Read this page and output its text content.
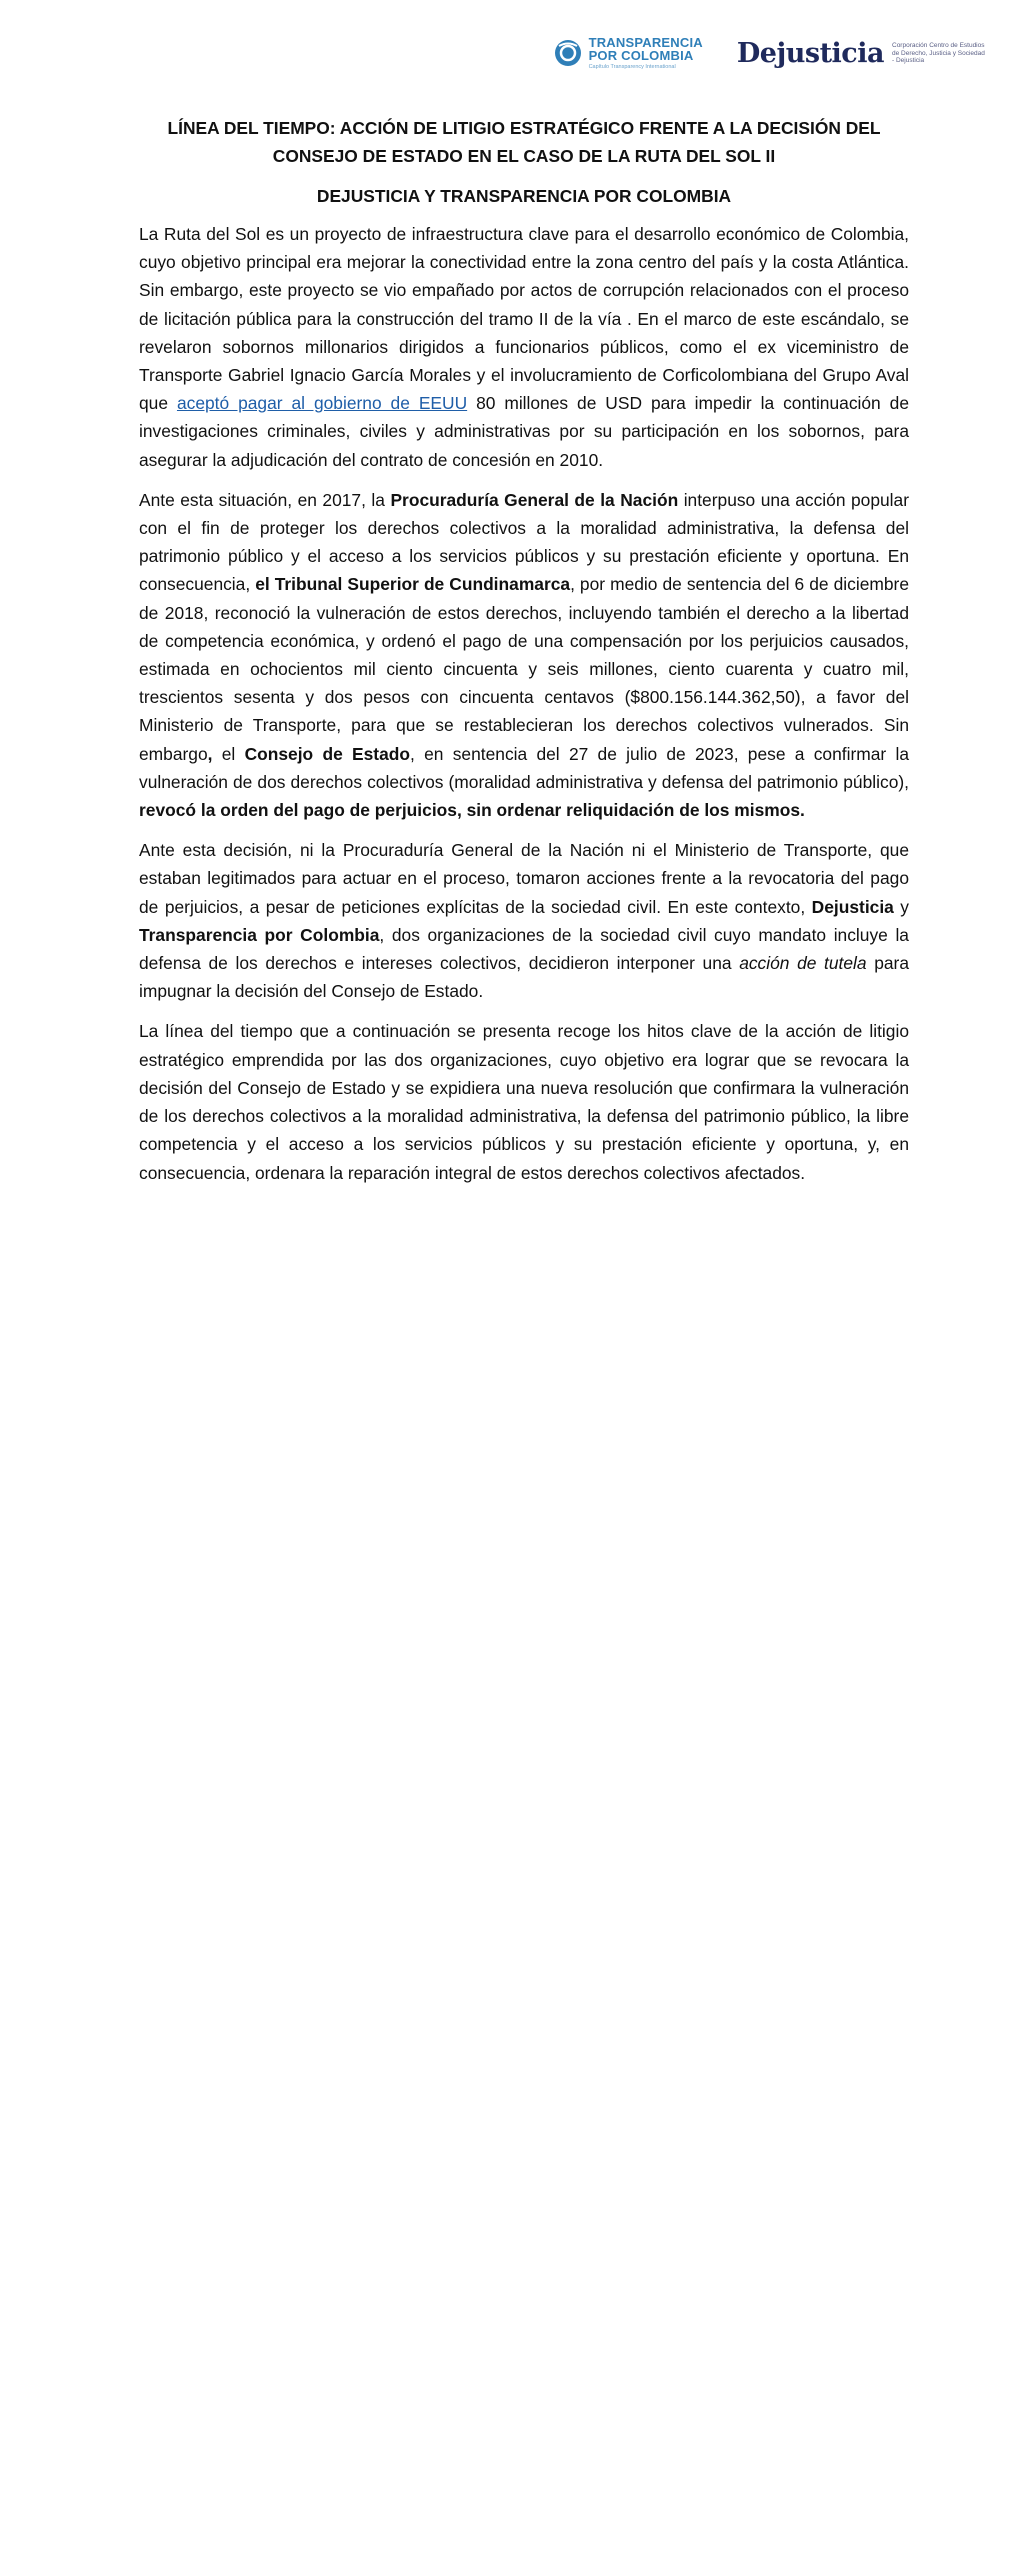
TRANSPARENCIA
POR COLOMBIA
Capítulo Transparency International	Dejusticia Corporación Centro de Estudios de Derecho, Justicia y Sociedad - Dejusticia
LÍNEA DEL TIEMPO: ACCIÓN DE LITIGIO ESTRATÉGICO FRENTE A LA DECISIÓN DEL CONSEJO DE ESTADO EN EL CASO DE LA RUTA DEL SOL II
DEJUSTICIA Y TRANSPARENCIA POR COLOMBIA

La Ruta del Sol es un proyecto de infraestructura clave para el desarrollo económico de Colombia, cuyo objetivo principal era mejorar la conectividad entre la zona centro del país y la costa Atlántica. Sin embargo, este proyecto se vio empañado por actos de corrupción relacionados con el proceso de licitación pública para la construcción del tramo II de la vía . En el marco de este escándalo, se revelaron sobornos millonarios dirigidos a funcionarios públicos, como el ex viceministro de Transporte Gabriel Ignacio García Morales y el involucramiento de Corficolombiana del Grupo Aval que aceptó pagar al gobierno de EEUU 80 millones de USD para impedir la continuación de investigaciones criminales, civiles y administrativas por su participación en los sobornos, para asegurar la adjudicación del contrato de concesión en 2010.

Ante esta situación, en 2017, la Procuraduría General de la Nación interpuso una acción popular con el fin de proteger los derechos colectivos a la moralidad administrativa, la defensa del patrimonio público y el acceso a los servicios públicos y su prestación eficiente y oportuna. En consecuencia, el Tribunal Superior de Cundinamarca, por medio de sentencia del 6 de diciembre de 2018, reconoció la vulneración de estos derechos, incluyendo también el derecho a la libertad de competencia económica, y ordenó el pago de una compensación por los perjuicios causados, estimada en ochocientos mil ciento cincuenta y seis millones, ciento cuarenta y cuatro mil, trescientos sesenta y dos pesos con cincuenta centavos ($800.156.144.362,50), a favor del Ministerio de Transporte, para que se restablecieran los derechos colectivos vulnerados. Sin embargo, el Consejo de Estado, en sentencia del 27 de julio de 2023, pese a confirmar la vulneración de dos derechos colectivos (moralidad administrativa y defensa del patrimonio público), revocó la orden del pago de perjuicios, sin ordenar reliquidación de los mismos.

Ante esta decisión, ni la Procuraduría General de la Nación ni el Ministerio de Transporte, que estaban legitimados para actuar en el proceso, tomaron acciones frente a la revocatoria del pago de perjuicios, a pesar de peticiones explícitas de la sociedad civil. En este contexto, Dejusticia y Transparencia por Colombia, dos organizaciones de la sociedad civil cuyo mandato incluye la defensa de los derechos e intereses colectivos, decidieron interponer una acción de tutela para impugnar la decisión del Consejo de Estado.

La línea del tiempo que a continuación se presenta recoge los hitos clave de la acción de litigio estratégico emprendida por las dos organizaciones, cuyo objetivo era lograr que se revocara la decisión del Consejo de Estado y se expidiera una nueva resolución que confirmara la vulneración de los derechos colectivos a la moralidad administrativa, la defensa del patrimonio público, la libre competencia y el acceso a los servicios públicos y su prestación eficiente y oportuna, y, en consecuencia, ordenara la reparación integral de estos derechos colectivos afectados.
